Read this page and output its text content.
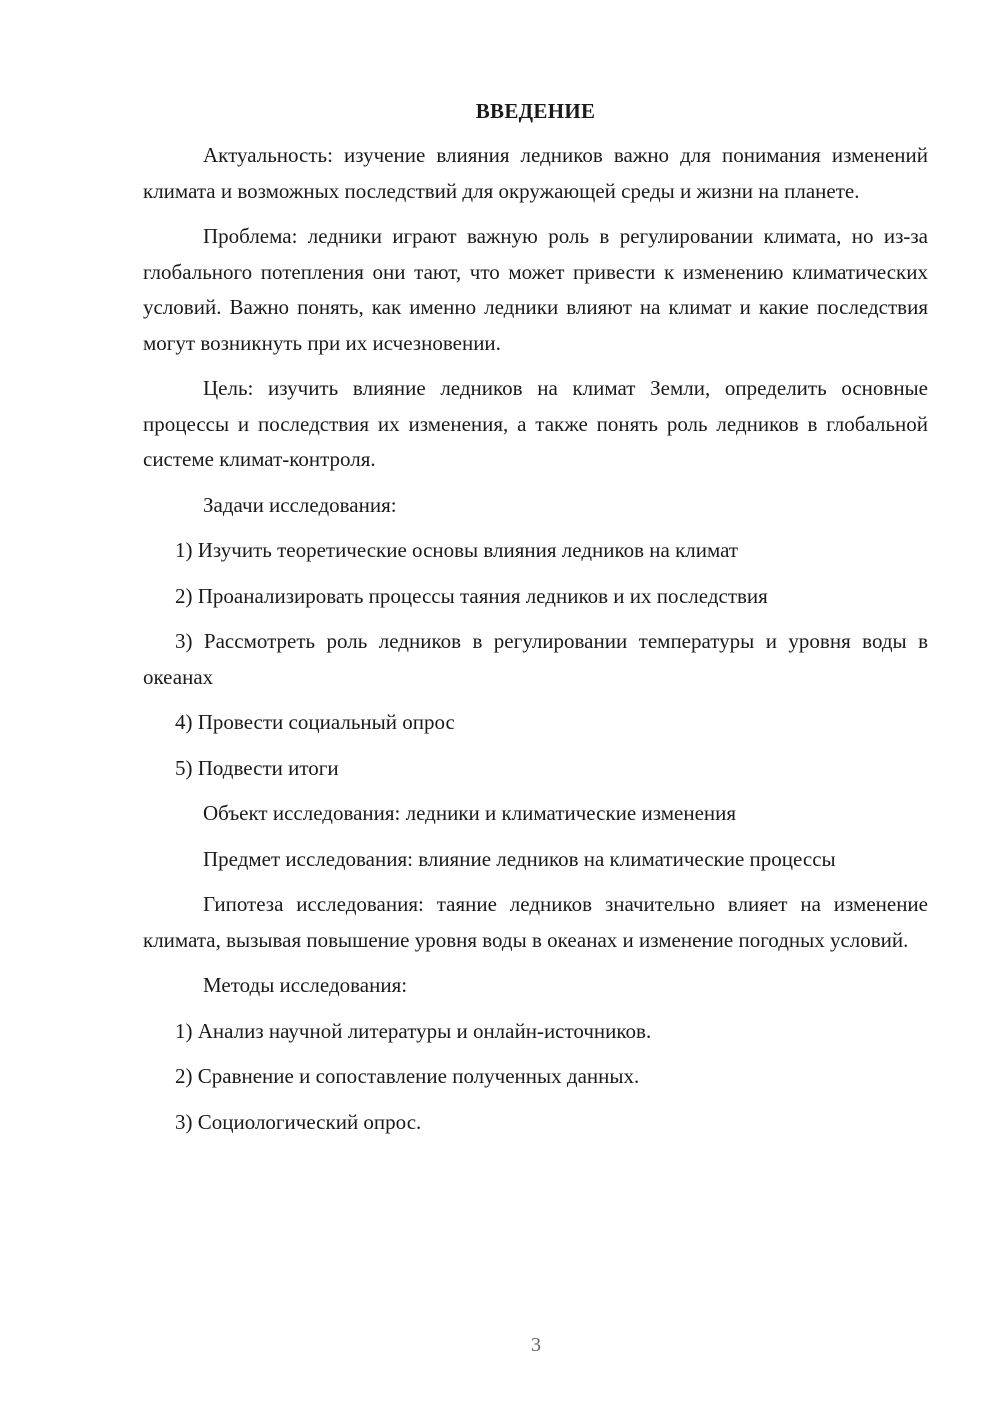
ВВЕДЕНИЕ

Актуальность: изучение влияния ледников важно для понимания изменений климата и возможных последствий для окружающей среды и жизни на планете.

Проблема: ледники играют важную роль в регулировании климата, но из-за глобального потепления они тают, что может привести к изменению климатических условий. Важно понять, как именно ледники влияют на климат и какие последствия могут возникнуть при их исчезновении.

Цель: изучить влияние ледников на климат Земли, определить основные процессы и последствия их изменения, а также понять роль ледников в глобальной системе климат-контроля.

Задачи исследования:

1) Изучить теоретические основы влияния ледников на климат

2) Проанализировать процессы таяния ледников и их последствия

3) Рассмотреть роль ледников в регулировании температуры и уровня воды в океанах

4) Провести социальный опрос

5) Подвести итоги

Объект исследования: ледники и климатические изменения

Предмет исследования: влияние ледников на климатические процессы

Гипотеза исследования: таяние ледников значительно влияет на изменение климата, вызывая повышение уровня воды в океанах и изменение погодных условий.

Методы исследования:

1) Анализ научной литературы и онлайн-источников.

2) Сравнение и сопоставление полученных данных.

3) Социологический опрос.

3
